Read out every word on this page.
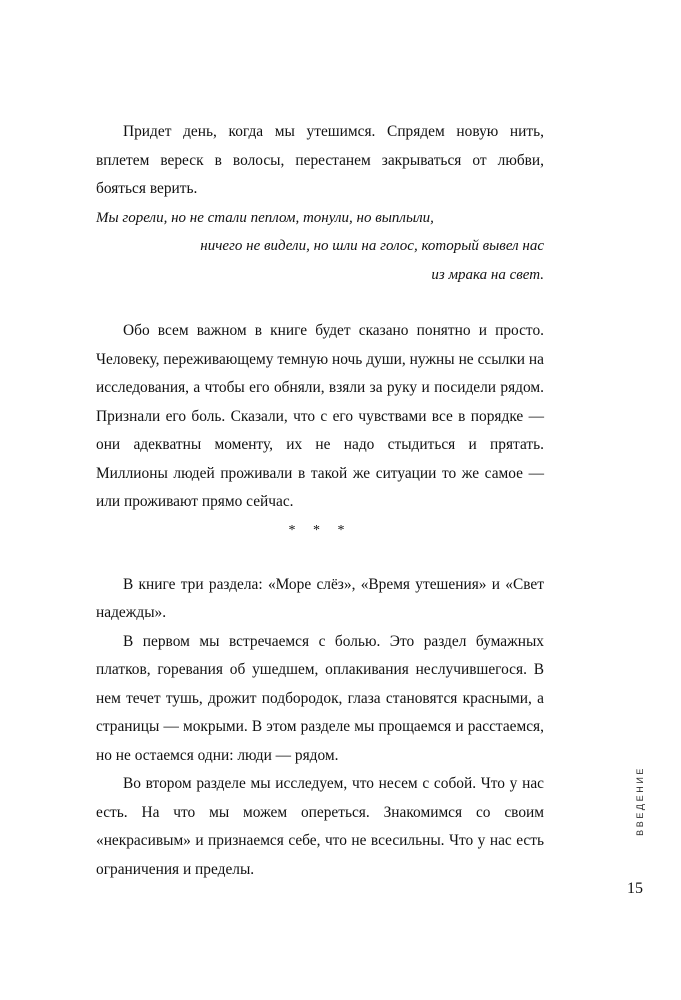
Придет день, когда мы утешимся. Спрядем новую нить, вплетем вереск в волосы, перестанем закрываться от любви, бояться верить.

Мы горели, но не стали пеплом, тонули, но выплыли,
ничего не видели, но шли на голос, который вывел нас
из мрака на свет.

Обо всем важном в книге будет сказано понятно и просто. Человеку, переживающему темную ночь души, нужны не ссылки на исследования, а чтобы его обняли, взяли за руку и посидели рядом. Признали его боль. Сказали, что с его чувствами все в порядке — они адекватны моменту, их не надо стыдиться и прятать. Миллионы людей проживали в такой же ситуации то же самое — или проживают прямо сейчас.

* * *

В книге три раздела: «Море слёз», «Время утешения» и «Свет надежды».

В первом мы встречаемся с болью. Это раздел бумажных платков, горевания об ушедшем, оплакивания неслучившегося. В нем течет тушь, дрожит подбородок, глаза становятся красными, а страницы — мокрыми. В этом разделе мы прощаемся и расстаемся, но не остаемся одни: люди — рядом.

Во втором разделе мы исследуем, что несем с собой. Что у нас есть. На что мы можем опереться. Знакомимся со своим «некрасивым» и признаемся себе, что не всесильны. Что у нас есть ограничения и пределы.

ВВЕДЕНИЕ
15
